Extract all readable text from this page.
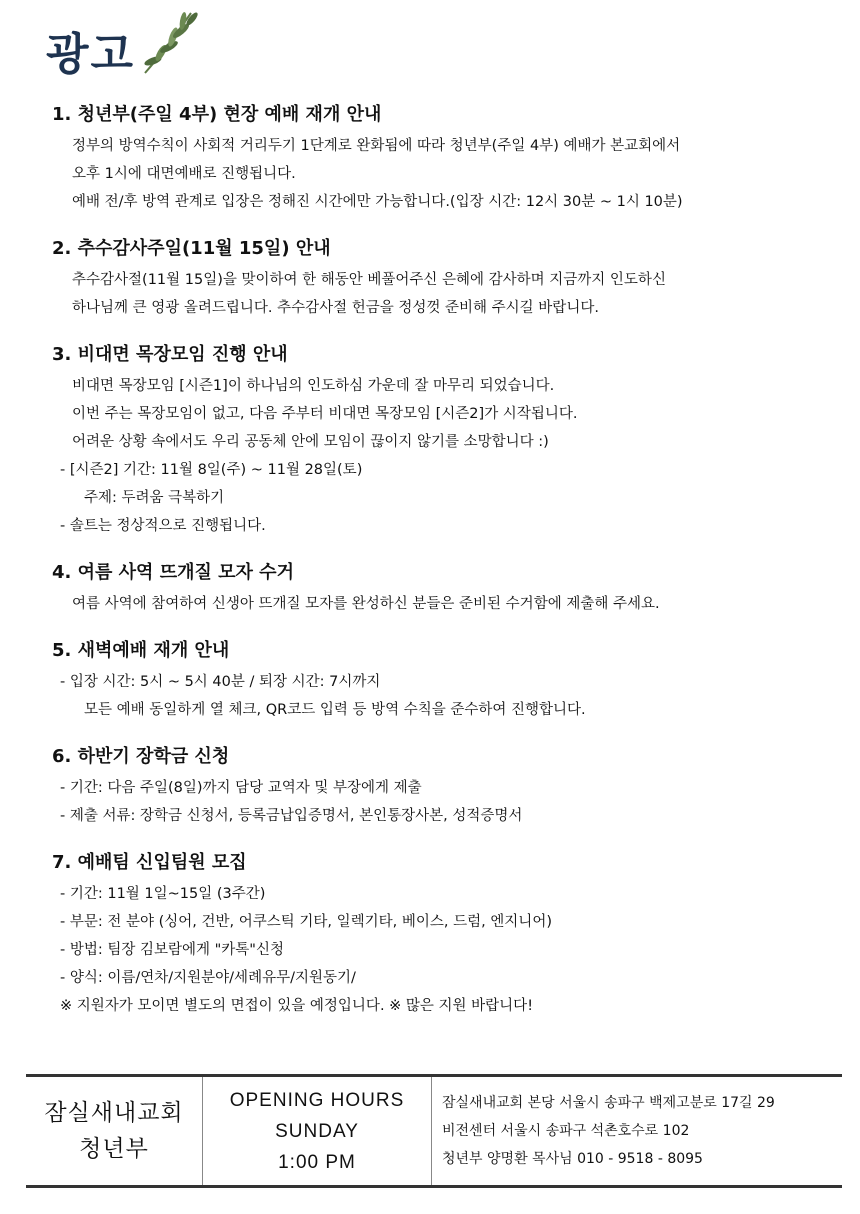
광고
1. 청년부(주일 4부) 현장 예배 재개 안내
정부의 방역수칙이 사회적 거리두기 1단계로 완화됨에 따라 청년부(주일 4부) 예배가 본교회에서
오후 1시에 대면예배로 진행됩니다.
예배 전/후 방역 관계로 입장은 정해진 시간에만 가능합니다.(입장 시간: 12시 30분 ~ 1시 10분)
2. 추수감사주일(11월 15일) 안내
추수감사절(11월 15일)을 맞이하여 한 해동안 베풀어주신 은혜에 감사하며 지금까지 인도하신
하나님께 큰 영광 올려드립니다. 추수감사절 헌금을 정성껏 준비해 주시길 바랍니다.
3. 비대면 목장모임 진행 안내
비대면 목장모임 [시즌1]이 하나님의 인도하심 가운데 잘 마무리 되었습니다.
이번 주는 목장모임이 없고, 다음 주부터 비대면 목장모임 [시즌2]가 시작됩니다.
어려운 상황 속에서도 우리 공동체 안에 모임이 끊이지 않기를 소망합니다 :)
- [시즌2] 기간: 11월 8일(주) ~ 11월 28일(토)
주제: 두려움 극복하기
- 솔트는 정상적으로 진행됩니다.
4. 여름 사역 뜨개질 모자 수거
여름 사역에 참여하여 신생아 뜨개질 모자를 완성하신 분들은 준비된 수거함에 제출해 주세요.
5. 새벽예배 재개 안내
- 입장 시간: 5시 ~ 5시 40분 / 퇴장 시간: 7시까지
모든 예배 동일하게 열 체크, QR코드 입력 등 방역 수칙을 준수하여 진행합니다.
6. 하반기 장학금 신청
- 기간: 다음 주일(8일)까지 담당 교역자 및 부장에게 제출
- 제출 서류: 장학금 신청서, 등록금납입증명서, 본인통장사본, 성적증명서
7. 예배팀 신입팀원 모집
- 기간: 11월 1일~15일 (3주간)
- 부문: 전 분야 (싱어, 건반, 어쿠스틱 기타, 일렉기타, 베이스, 드럼, 엔지니어)
- 방법: 팀장 김보람에게 "카톡"신청
- 양식: 이름/연차/지원분야/세례유무/지원동기/
※ 지원자가 모이면 별도의 면접이 있을 예정입니다. ※ 많은 지원 바랍니다!
잠실새내교회
청년부
OPENING HOURS
SUNDAY
1:00 PM
잠실새내교회 본당 서울시 송파구 백제고분로 17길 29
비전센터 서울시 송파구 석촌호수로 102
청년부 양명환 목사님 010 - 9518 - 8095
